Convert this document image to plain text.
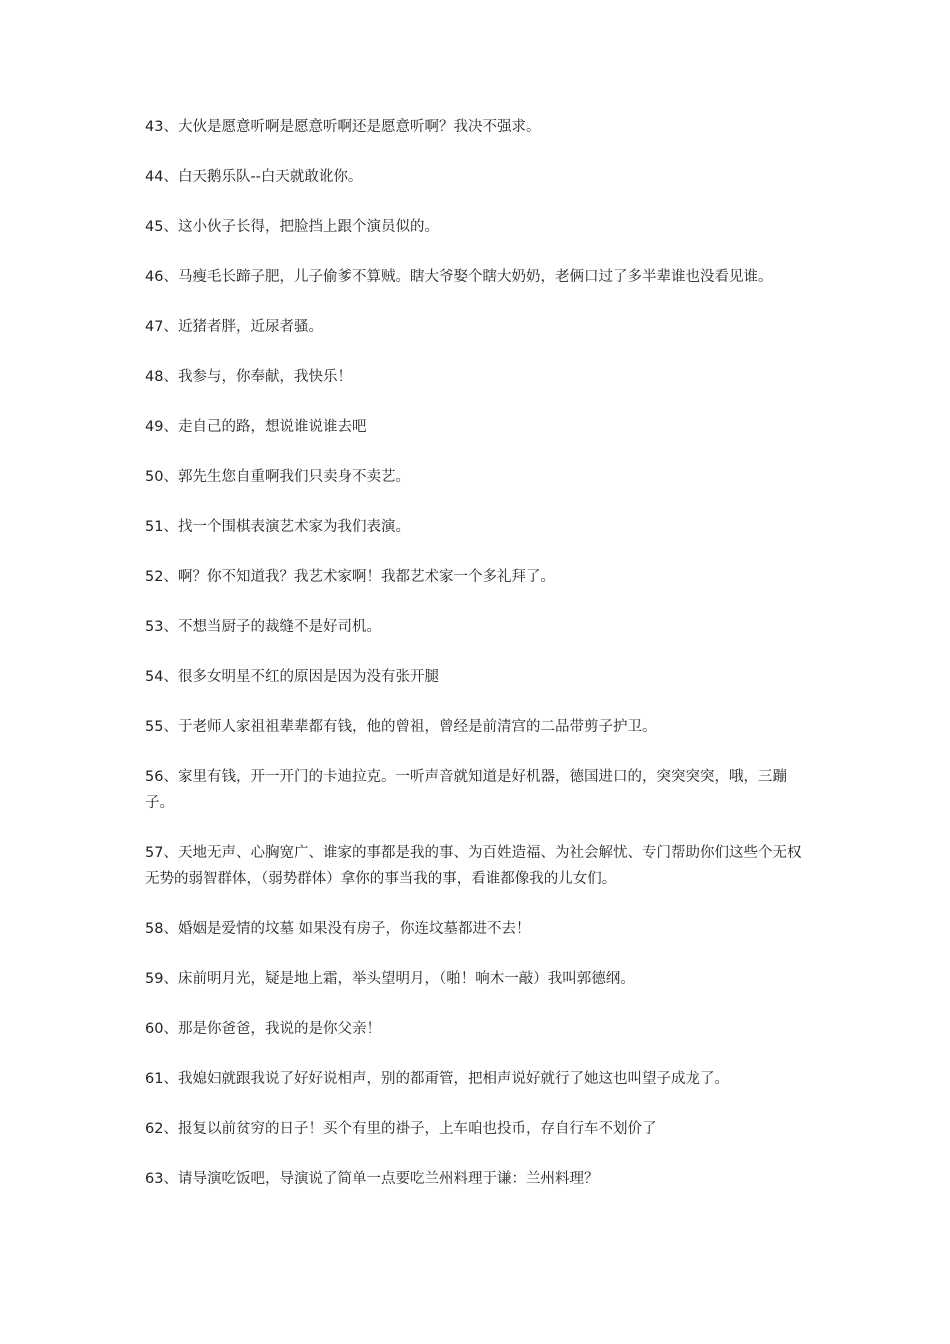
43、大伙是愿意听啊是愿意听啊还是愿意听啊？我决不强求。

44、白天鹅乐队--白天就敢讹你。

45、这小伙子长得，把脸挡上跟个演员似的。

46、马瘦毛长蹄子肥，儿子偷爹不算贼。瞎大爷娶个瞎大奶奶，老俩口过了多半辈谁也没看见谁。

47、近猪者胖，近尿者骚。

48、我参与，你奉献，我快乐！

49、走自己的路，想说谁说谁去吧

50、郭先生您自重啊我们只卖身不卖艺。

51、找一个围棋表演艺术家为我们表演。

52、啊？你不知道我？我艺术家啊！我都艺术家一个多礼拜了。

53、不想当厨子的裁缝不是好司机。

54、很多女明星不红的原因是因为没有张开腿

55、于老师人家祖祖辈辈都有钱，他的曾祖，曾经是前清宫的二品带剪子护卫。

56、家里有钱，开一开门的卡迪拉克。一听声音就知道是好机器，德国进口的，突突突突，哦，三蹦子。

57、天地无声、心胸宽广、谁家的事都是我的事、为百姓造福、为社会解忧、专门帮助你们这些个无权无势的弱智群体，（弱势群体）拿你的事当我的事，看谁都像我的儿女们。

58、婚姻是爱情的坟墓 如果没有房子，你连坟墓都进不去！

59、床前明月光，疑是地上霜，举头望明月，（啪！响木一敲）我叫郭德纲。

60、那是你爸爸，我说的是你父亲！

61、我媳妇就跟我说了好好说相声，别的都甭管，把相声说好就行了她这也叫望子成龙了。

62、报复以前贫穷的日子！买个有里的褂子，上车咱也投币，存自行车不划价了

63、请导演吃饭吧，导演说了简单一点要吃兰州料理于谦：兰州料理？
